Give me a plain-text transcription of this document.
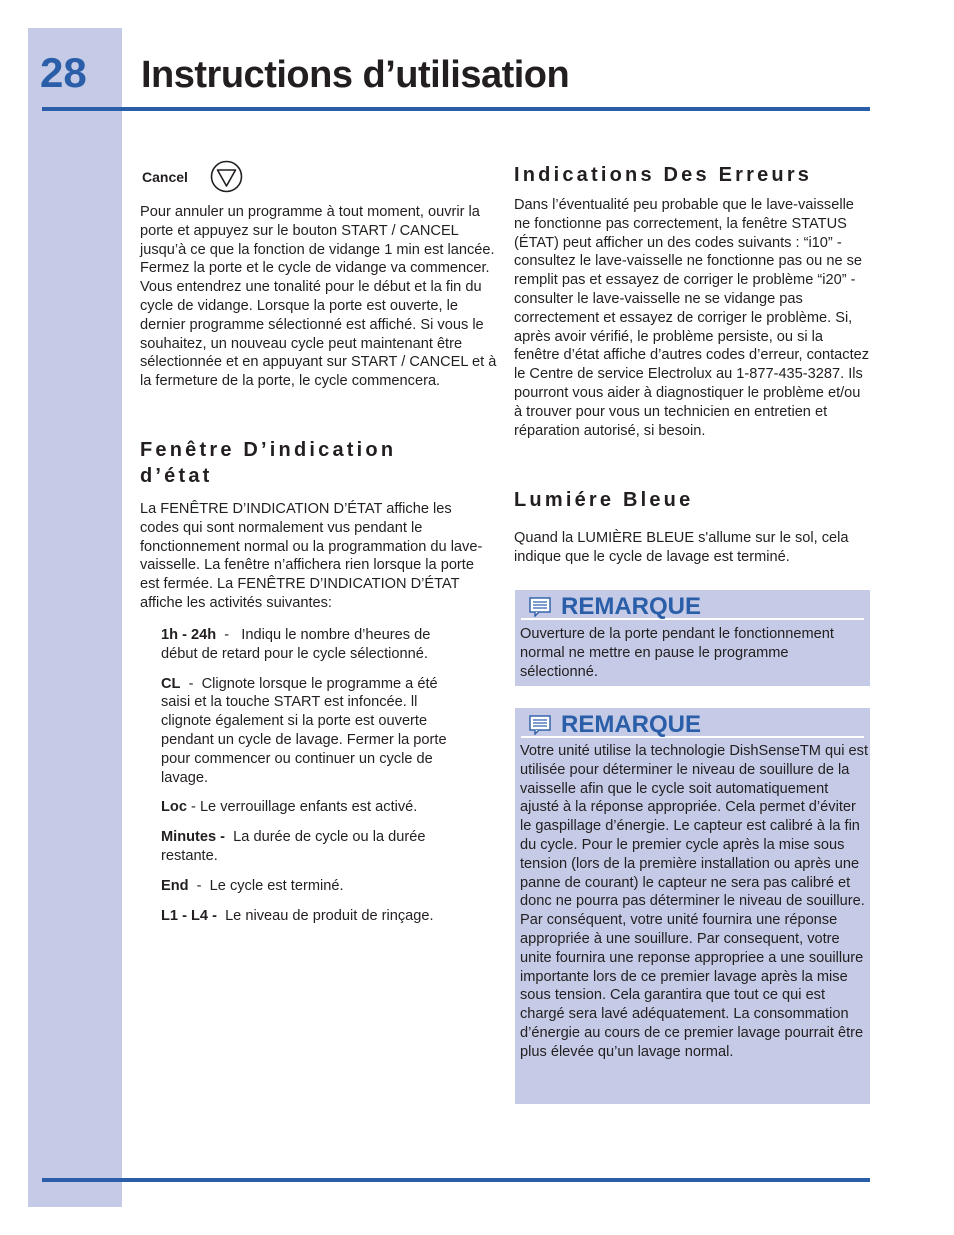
28 Instructions d’utilisation
Cancel
Pour annuler un programme à tout moment, ouvrir la porte et appuyez sur le bouton START / CANCEL jusqu’à ce que la fonction de vidange 1 min est lancée. Fermez la porte et le cycle de vidange va commencer. Vous entendrez une tonalité pour le début et la fin du cycle de vidange. Lorsque la porte est ouverte, le dernier programme sélectionné est affiché. Si vous le souhaitez, un nouveau cycle peut maintenant être sélectionnée et en appuyant sur START / CANCEL et à la fermeture de la porte, le cycle commencera.
Fenêtre D’indication
d’état
La FENÊTRE D’INDICATION D’ÉTAT affiche les codes qui sont normalement vus pendant le fonctionnement normal ou la programmation du lave-vaisselle. La fenêtre n’affichera rien lorsque la porte est fermée. La FENÊTRE D’INDICATION D’ÉTAT affiche les activités suivantes:

1h - 24h  -   Indiqu le nombre d’heures de début de retard pour le cycle sélectionné.

CL  -  Clignote lorsque le programme a été saisi et la touche START est infoncée. ll clignote également si la porte est ouverte pendant un cycle de lavage. Fermer la porte pour commencer ou continuer un cycle de lavage.

Loc - Le verrouillage enfants est activé.

Minutes - La durée de cycle ou la durée restante.

End  -  Le cycle est terminé.

L1 - L4 - Le niveau de produit de rinçage.

Indications Des Erreurs
Dans l’éventualité peu probable que le lave-vaisselle ne fonctionne pas correctement, la fenêtre STATUS (ÉTAT) peut afficher un des codes suivants : “i10” - consultez le lave-vaisselle ne fonctionne pas ou ne se remplit pas et essayez de corriger le problème “i20” - consulter le lave-vaisselle ne se vidange pas correctement et essayez de corriger le problème. Si, après avoir vérifié, le problème persiste, ou si la fenêtre d’état affiche d’autres codes d’erreur, contactez le Centre de service Electrolux au 1-877-435-3287. Ils pourront vous aider à diagnostiquer le problème et/ou à trouver pour vous un technicien en entretien et réparation autorisé, si besoin.
Lumiére Bleue
Quand la LUMIÈRE BLEUE s'allume sur le sol, cela indique que le cycle de lavage est terminé.
REMARQUE
Ouverture de la porte pendant le fonctionnement normal ne mettre en pause le programme sélectionné.
REMARQUE
Votre unité utilise la technologie DishSenseTM qui est utilisée pour déterminer le niveau de souillure de la vaisselle afin que le cycle soit automatiquement ajusté à la réponse appropriée. Cela permet d’éviter le gaspillage d’énergie. Le capteur est calibré à la fin du cycle. Pour le premier cycle après la mise sous tension (lors de la première installation ou après une panne de courant) le capteur ne sera pas calibré et donc ne pourra pas déterminer le niveau de souillure. Par conséquent, votre unité fournira une réponse appropriée à une souillure. Par consequent, votre unite fournira une reponse appropriee a une souillure importante lors de ce premier lavage après la mise sous tension. Cela garantira que tout ce qui est chargé sera lavé adéquatement. La consommation d’énergie au cours de ce premier lavage pourrait être plus élevée qu’un lavage normal.
